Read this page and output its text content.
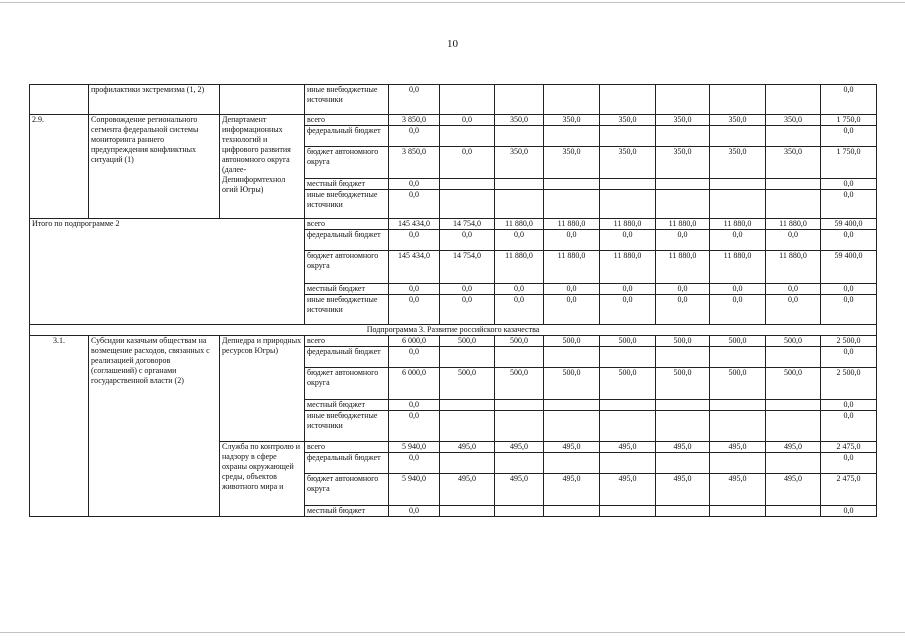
10
	профилактики экстремизма (1, 2)		иные внебюджетные источники	0,0								0,0
2.9.	Сопровождение регионального сегмента федеральной системы мониторинга раннего предупреждения конфликтных ситуаций (1)	Департамент информационных технологий и цифрового развития автономного округа (далее-Депинформтехнол огий Югры)	всего	3 850,0	0,0	350,0	350,0	350,0	350,0	350,0	350,0	1 750,0
			федеральный бюджет	0,0								0,0
			бюджет автономного округа	3 850,0	0,0	350,0	350,0	350,0	350,0	350,0	350,0	1 750,0
			местный бюджет	0,0								0,0
			иные внебюджетные источники	0,0								0,0
Итого по подпрограмме 2			всего	145 434,0	14 754,0	11 880,0	11 880,0	11 880,0	11 880,0	11 880,0	11 880,0	59 400,0
			федеральный бюджет	0,0	0,0	0,0	0,0	0,0	0,0	0,0	0,0	0,0
			бюджет автономного округа	145 434,0	14 754,0	11 880,0	11 880,0	11 880,0	11 880,0	11 880,0	11 880,0	59 400,0
			местный бюджет	0,0	0,0	0,0	0,0	0,0	0,0	0,0	0,0	0,0
			иные внебюджетные источники	0,0	0,0	0,0	0,0	0,0	0,0	0,0	0,0	0,0
Подпрограмма 3. Развитие российского казачества												
3.1.	Субсидии казачьим обществам на возмещение расходов, связанных с реализацией договоров (соглашений) с органами государственной власти (2)	Депнедра и природных ресурсов Югры)	всего	6 000,0	500,0	500,0	500,0	500,0	500,0	500,0	500,0	2 500,0
			федеральный бюджет	0,0								0,0
			бюджет автономного округа	6 000,0	500,0	500,0	500,0	500,0	500,0	500,0	500,0	2 500,0
			местный бюджет	0,0								0,0
			иные внебюджетные источники	0,0								0,0
		Служба по контролю и надзору в сфере охраны окружающей среды, объектов животного мира и	всего	5 940,0	495,0	495,0	495,0	495,0	495,0	495,0	495,0	2 475,0
			федеральный бюджет	0,0								0,0
			бюджет автономного округа	5 940,0	495,0	495,0	495,0	495,0	495,0	495,0	495,0	2 475,0
			местный бюджет	0,0								0,0
